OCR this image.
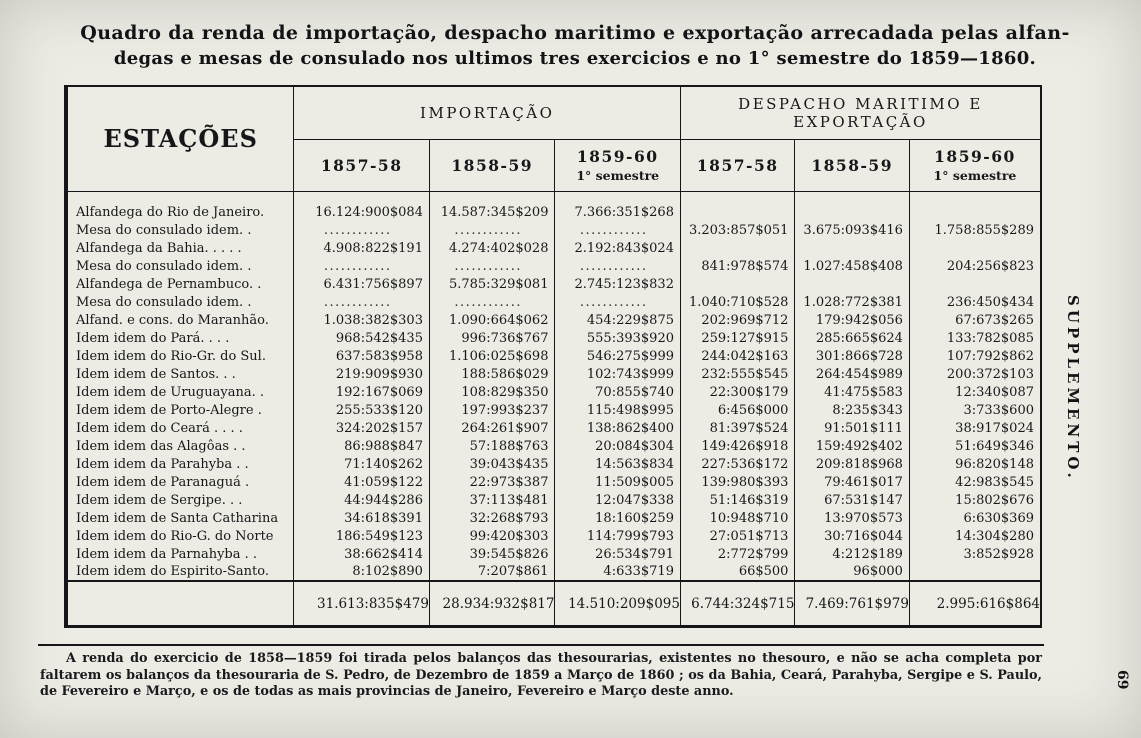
Quadro da renda de importação, despacho maritimo e exportação arrecadada pelas alfan-
degas e mesas de consulado nos ultimos tres exercicios e no 1° semestre do 1859—1860.
ESTAÇÕES	IMPORTAÇÃO			DESPACHO MARITIMO E EXPORTAÇÃO		

1857-58	1858-59	1859-60
1° semestre

1857-58	1858-59	1859-60
1° semestre

Alfandega do Rio de Janeiro.	16.124:900$084	14.587:345$209	7.366:351$268			
Mesa do consulado idem. .	............	............	............	3.203:857$051	3.675:093$416	1.758:855$289
Alfandega da Bahia. . . . .	4.908:822$191	4.274:402$028	2.192:843$024			
Mesa do consulado idem. .	............	............	............	841:978$574	1.027:458$408	204:256$823
Alfandega de Pernambuco. .	6.431:756$897	5.785:329$081	2.745:123$832			
Mesa do consulado idem. .	............	............	............	1.040:710$528	1.028:772$381	236:450$434
Alfand. e cons. do Maranhão.	1.038:382$303	1.090:664$062	454:229$875	202:969$712	179:942$056	67:673$265
Idem idem do Pará. . . .	968:542$435	996:736$767	555:393$920	259:127$915	285:665$624	133:782$085
Idem idem do Rio-Gr. do Sul.	637:583$958	1.106:025$698	546:275$999	244:042$163	301:866$728	107:792$862
Idem idem de Santos. . .	219:909$930	188:586$029	102:743$999	232:555$545	264:454$989	200:372$103
Idem idem de Uruguayana. .	192:167$069	108:829$350	70:855$740	22:300$179	41:475$583	12:340$087
Idem idem de Porto-Alegre .	255:533$120	197:993$237	115:498$995	6:456$000	8:235$343	3:733$600
Idem idem do Ceará . . . .	324:202$157	264:261$907	138:862$400	81:397$524	91:501$111	38:917$024
Idem idem das Alagôas . .	86:988$847	57:188$763	20:084$304	149:426$918	159:492$402	51:649$346
Idem idem da Parahyba . .	71:140$262	39:043$435	14:563$834	227:536$172	209:818$968	96:820$148
Idem idem de Paranaguá .	41:059$122	22:973$387	11:509$005	139:980$393	79:461$017	42:983$545
Idem idem de Sergipe. . .	44:944$286	37:113$481	12:047$338	51:146$319	67:531$147	15:802$676
Idem idem de Santa Catharina	34:618$391	32:268$793	18:160$259	10:948$710	13:970$573	6:630$369
Idem idem do Rio-G. do Norte	186:549$123	99:420$303	114:799$793	27:051$713	30:716$044	14:304$280
Idem idem da Parnahyba . .	38:662$414	39:545$826	26:534$791	2:772$799	4:212$189	3:852$928
Idem idem do Espirito-Santo.	8:102$890	7:207$861	4:633$719	66$500	96$000	
	31.613:835$479	28.934:932$817	14.510:209$095	6.744:324$715	7.469:761$979	2.995:616$864
A renda do exercicio de 1858—1859 foi tirada pelos balanços das thesourarias, existentes no thesouro, e não se acha completa por faltarem os balanços da thesouraria de S. Pedro, de Dezembro de 1859 a Março de 1860 ; os da Bahia, Ceará, Parahyba, Sergipe e S. Paulo, de Fevereiro e Março, e os de todas as mais provincias de Janeiro, Fevereiro e Março deste anno.
SUPPLEMENTO.
69
